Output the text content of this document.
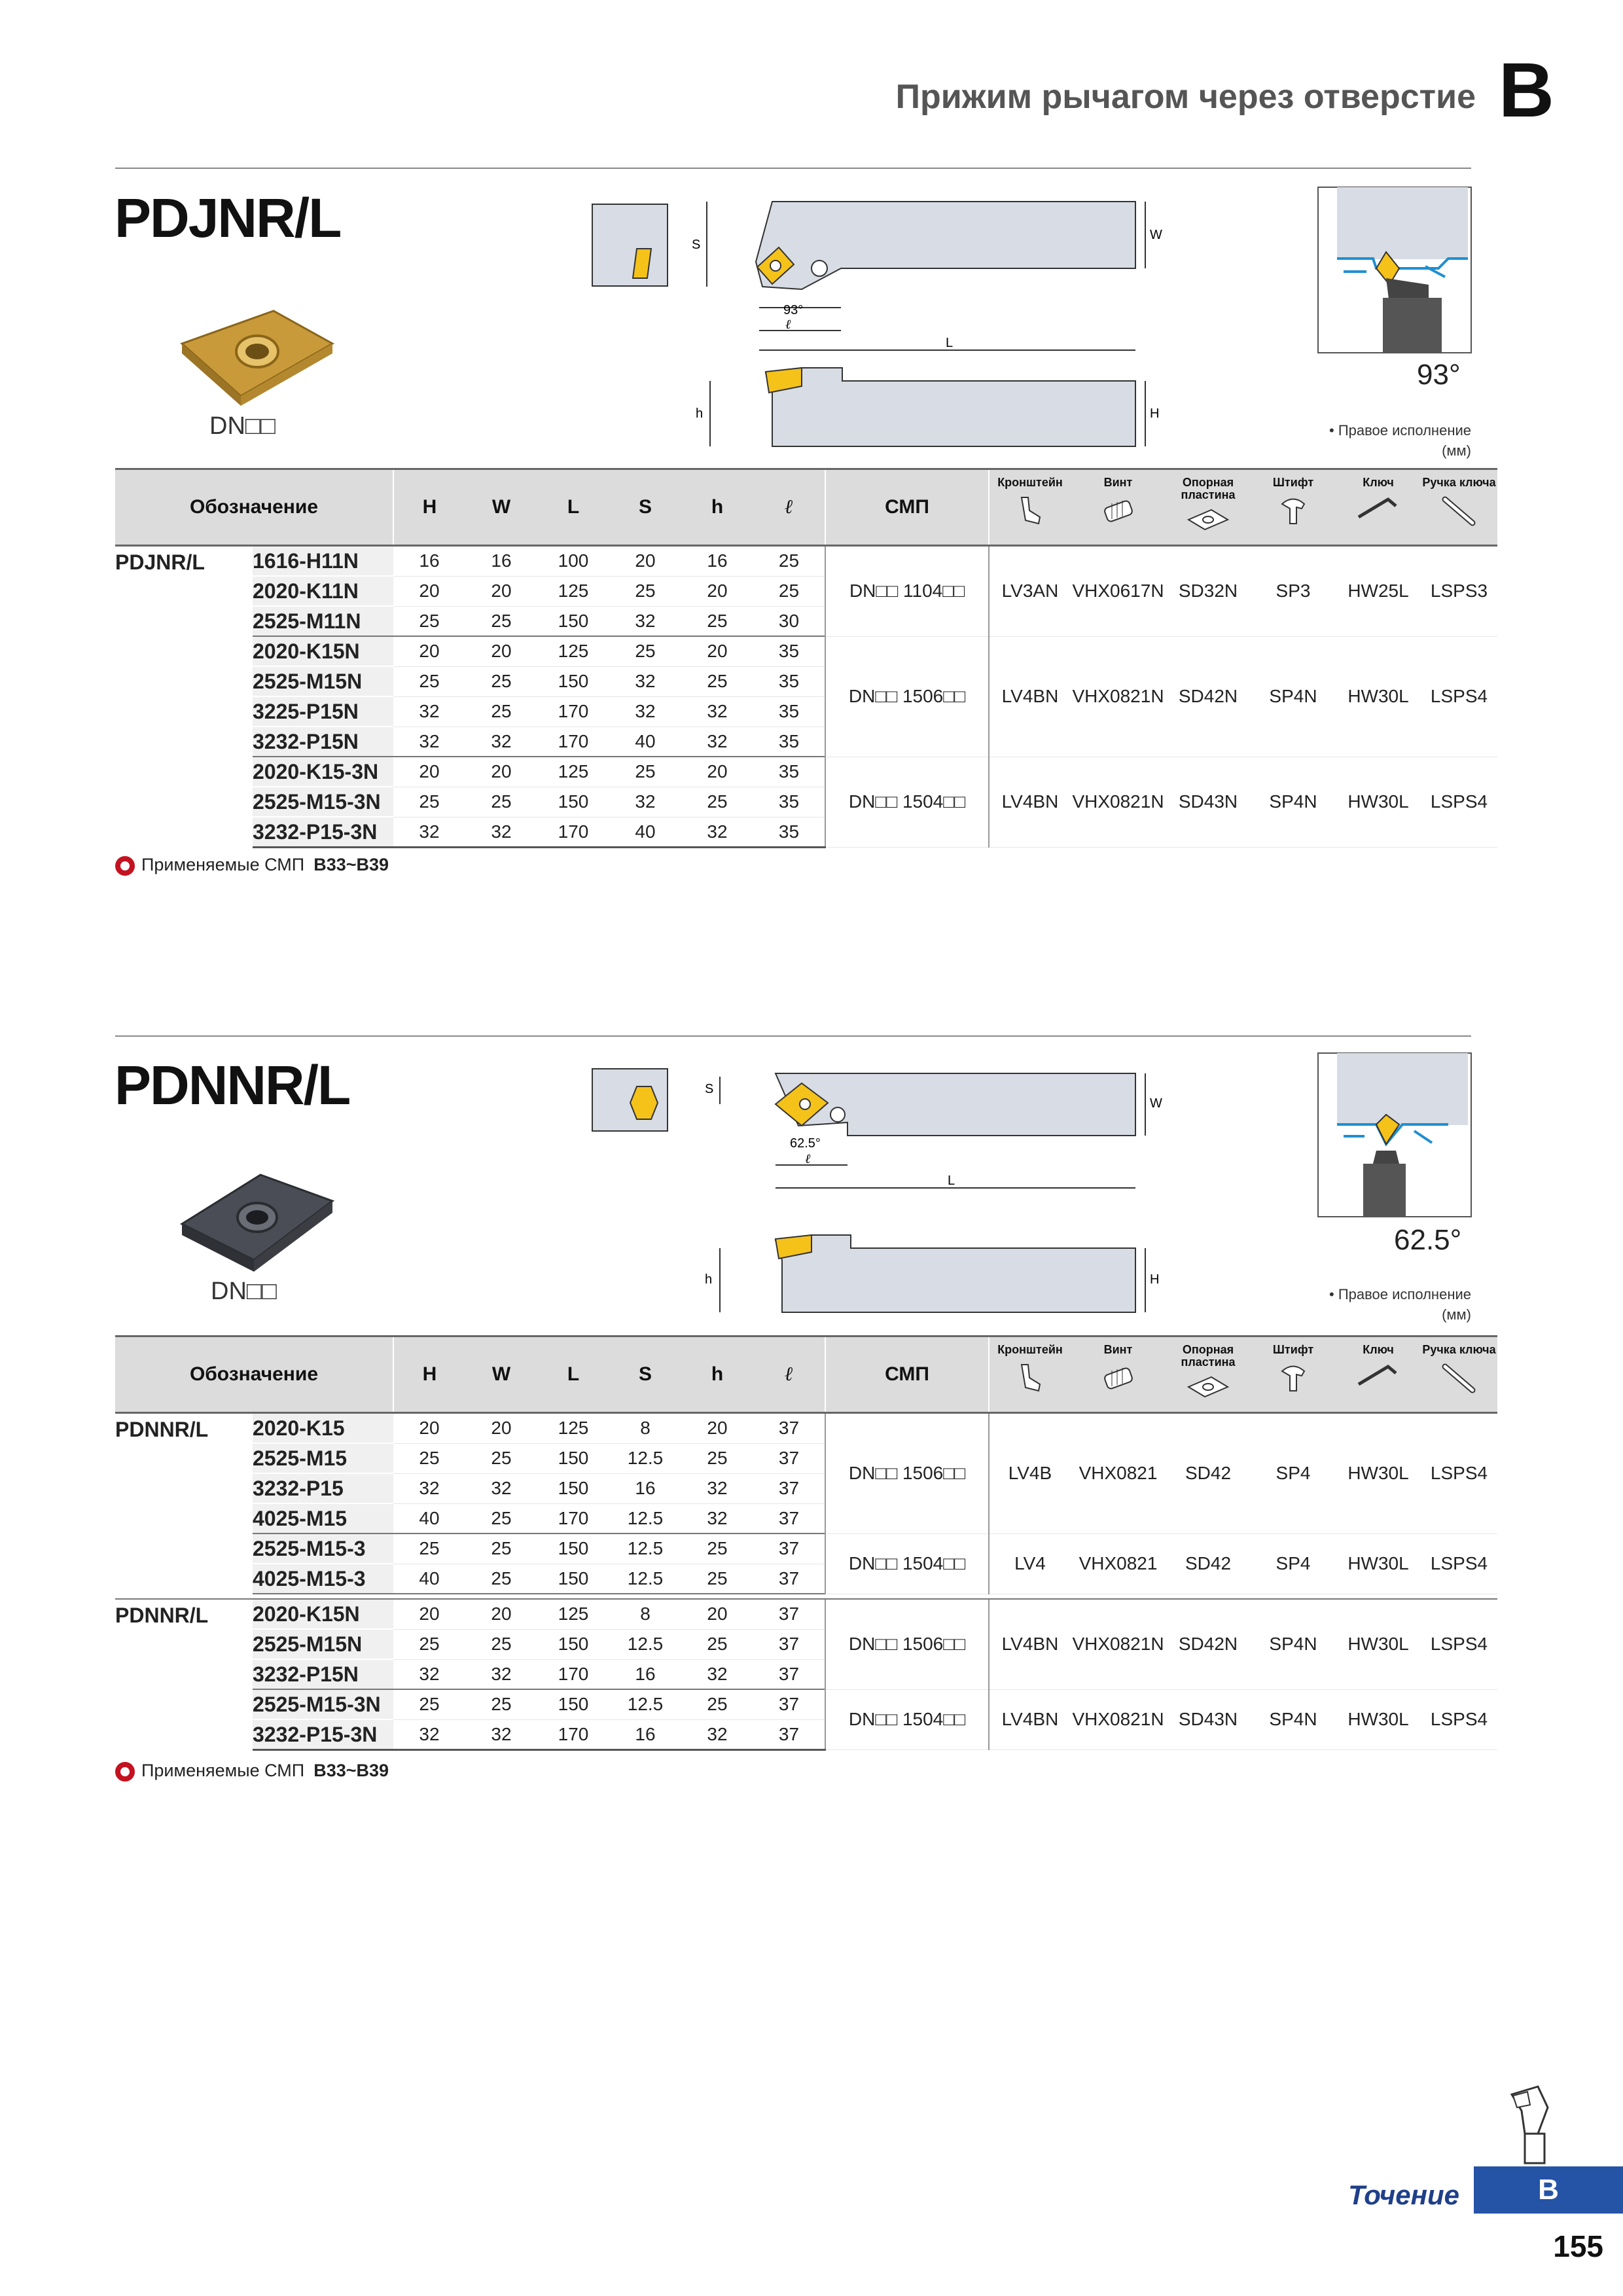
Прижим рычагом через отверстие B
PDJNR/L
DN□□
S
W
93°
ℓ
L
h	H
93°
• Правое исполнение
(мм)
Обозначение		H	W	L	S	h	ℓ	СМП	Кронштейн	Винт	Опорная пластина	Штифт	Ключ	Ручка ключа

PDJNR/L	1616-H11N	16	16	100	20	16	25	DN□□ 1104□□	LV3AN	VHX0617N	SD32N	SP3	HW25L	LSPS3
	2020-K11N	20	20	125	25	20	25							
	2525-M11N	25	25	150	32	25	30							
	2020-K15N	20	20	125	25	20	35	DN□□ 1506□□	LV4BN	VHX0821N	SD42N	SP4N	HW30L	LSPS4
	2525-M15N	25	25	150	32	25	35							
	3225-P15N	32	25	170	32	32	35							
	3232-P15N	32	32	170	40	32	35							
	2020-K15-3N	20	20	125	25	20	35	DN□□ 1504□□	LV4BN	VHX0821N	SD43N	SP4N	HW30L	LSPS4
	2525-M15-3N	25	25	150	32	25	35							
	3232-P15-3N	32	32	170	40	32	35							
Применяемые СМП B33~B39
PDNNR/L
DN□□
S
W
62.5°
ℓ
L
h	H
62.5°
• Правое исполнение
(мм)
Обозначение		H	W	L	S	h	ℓ	СМП	Кронштейн	Винт	Опорная пластина	Штифт	Ключ	Ручка ключа

PDNNR/L	2020-K15	20	20	125	8	20	37	DN□□ 1506□□	LV4B	VHX0821	SD42	SP4	HW30L	LSPS4
	2525-M15	25	25	150	12.5	25	37							
	3232-P15	32	32	150	16	32	37							
	4025-M15	40	25	170	12.5	32	37							
	2525-M15-3	25	25	150	12.5	25	37	DN□□ 1504□□	LV4	VHX0821	SD42	SP4	HW30L	LSPS4
	4025-M15-3	40	25	150	12.5	25	37							

PDNNR/L	2020-K15N	20	20	125	8	20	37	DN□□ 1506□□	LV4BN	VHX0821N	SD42N	SP4N	HW30L	LSPS4
	2525-M15N	25	25	150	12.5	25	37							
	3232-P15N	32	32	170	16	32	37							
	2525-M15-3N	25	25	150	12.5	25	37	DN□□ 1504□□	LV4BN	VHX0821N	SD43N	SP4N	HW30L	LSPS4
	3232-P15-3N	32	32	170	16	32	37							
Применяемые СМП B33~B39
Точение	B
155
